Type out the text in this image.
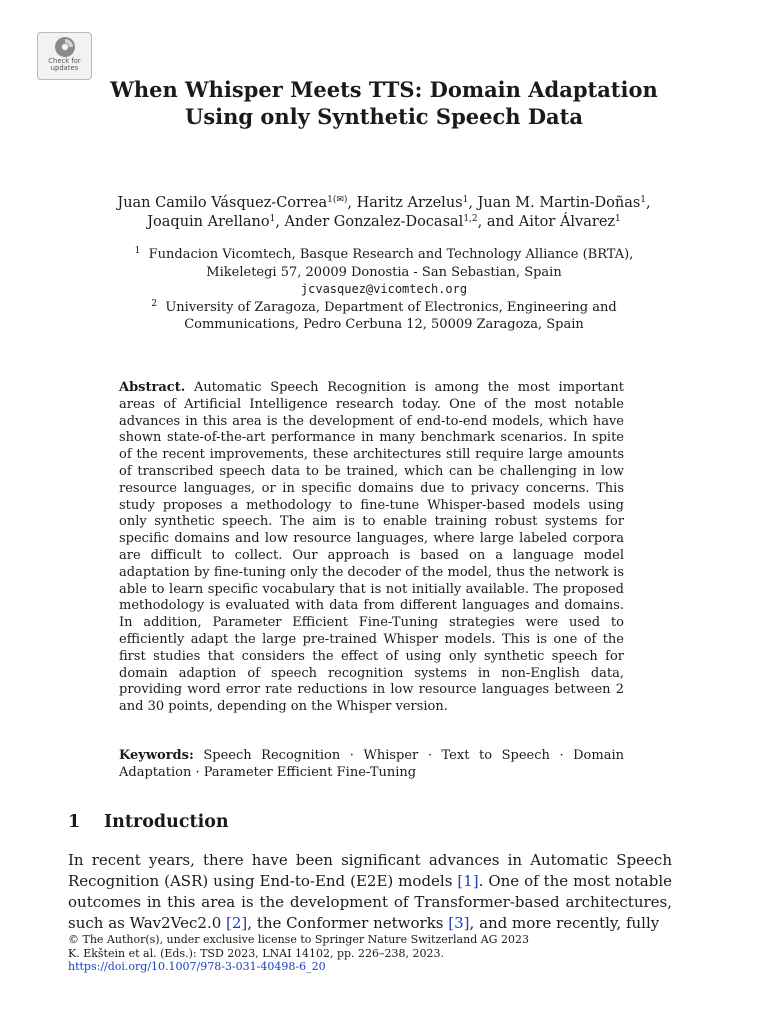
Check for
updates
When Whisper Meets TTS: Domain Adaptation Using only Synthetic Speech Data
Juan Camilo Vásquez-Correa$^{1(✉)}$, Haritz Arzelus$^1$, Juan M. Martin-Doñas$^1$,
Joaquin Arellano$^1$, Ander Gonzalez-Docasal$^{1,2}$, and Aitor Álvarez$^1$
$^1$ Fundacion Vicomtech, Basque Research and Technology Alliance (BRTA),
Mikeletegi 57, 20009 Donostia - San Sebastian, Spain
jcvasquez@vicomtech.org
$^2$ University of Zaragoza, Department of Electronics, Engineering and
Communications, Pedro Cerbuna 12, 50009 Zaragoza, Spain
Abstract. Automatic Speech Recognition is among the most important areas of Artificial Intelligence research today. One of the most notable advances in this area is the development of end-to-end models, which have shown state-of-the-art performance in many benchmark scenarios. In spite of the recent improvements, these architectures still require large amounts of transcribed speech data to be trained, which can be challenging in low resource languages, or in specific domains due to privacy concerns. This study proposes a methodology to fine-tune Whisper-based models using only synthetic speech. The aim is to enable training robust systems for specific domains and low resource languages, where large labeled corpora are difficult to collect. Our approach is based on a language model adaptation by fine-tuning only the decoder of the model, thus the network is able to learn specific vocabulary that is not initially available. The proposed methodology is evaluated with data from different languages and domains. In addition, Parameter Efficient Fine-Tuning strategies were used to efficiently adapt the large pre-trained Whisper models. This is one of the first studies that considers the effect of using only synthetic speech for domain adaption of speech recognition systems in non-English data, providing word error rate reductions in low resource languages between 2 and 30 points, depending on the Whisper version.
Keywords: Speech Recognition · Whisper · Text to Speech · Domain Adaptation · Parameter Efficient Fine-Tuning
1 Introduction
In recent years, there have been significant advances in Automatic Speech Recognition (ASR) using End-to-End (E2E) models [1]. One of the most notable outcomes in this area is the development of Transformer-based architectures, such as Wav2Vec2.0 [2], the Conformer networks [3], and more recently, fully
© The Author(s), under exclusive license to Springer Nature Switzerland AG 2023
K. Ekštein et al. (Eds.): TSD 2023, LNAI 14102, pp. 226–238, 2023.
https://doi.org/10.1007/978-3-031-40498-6_20
